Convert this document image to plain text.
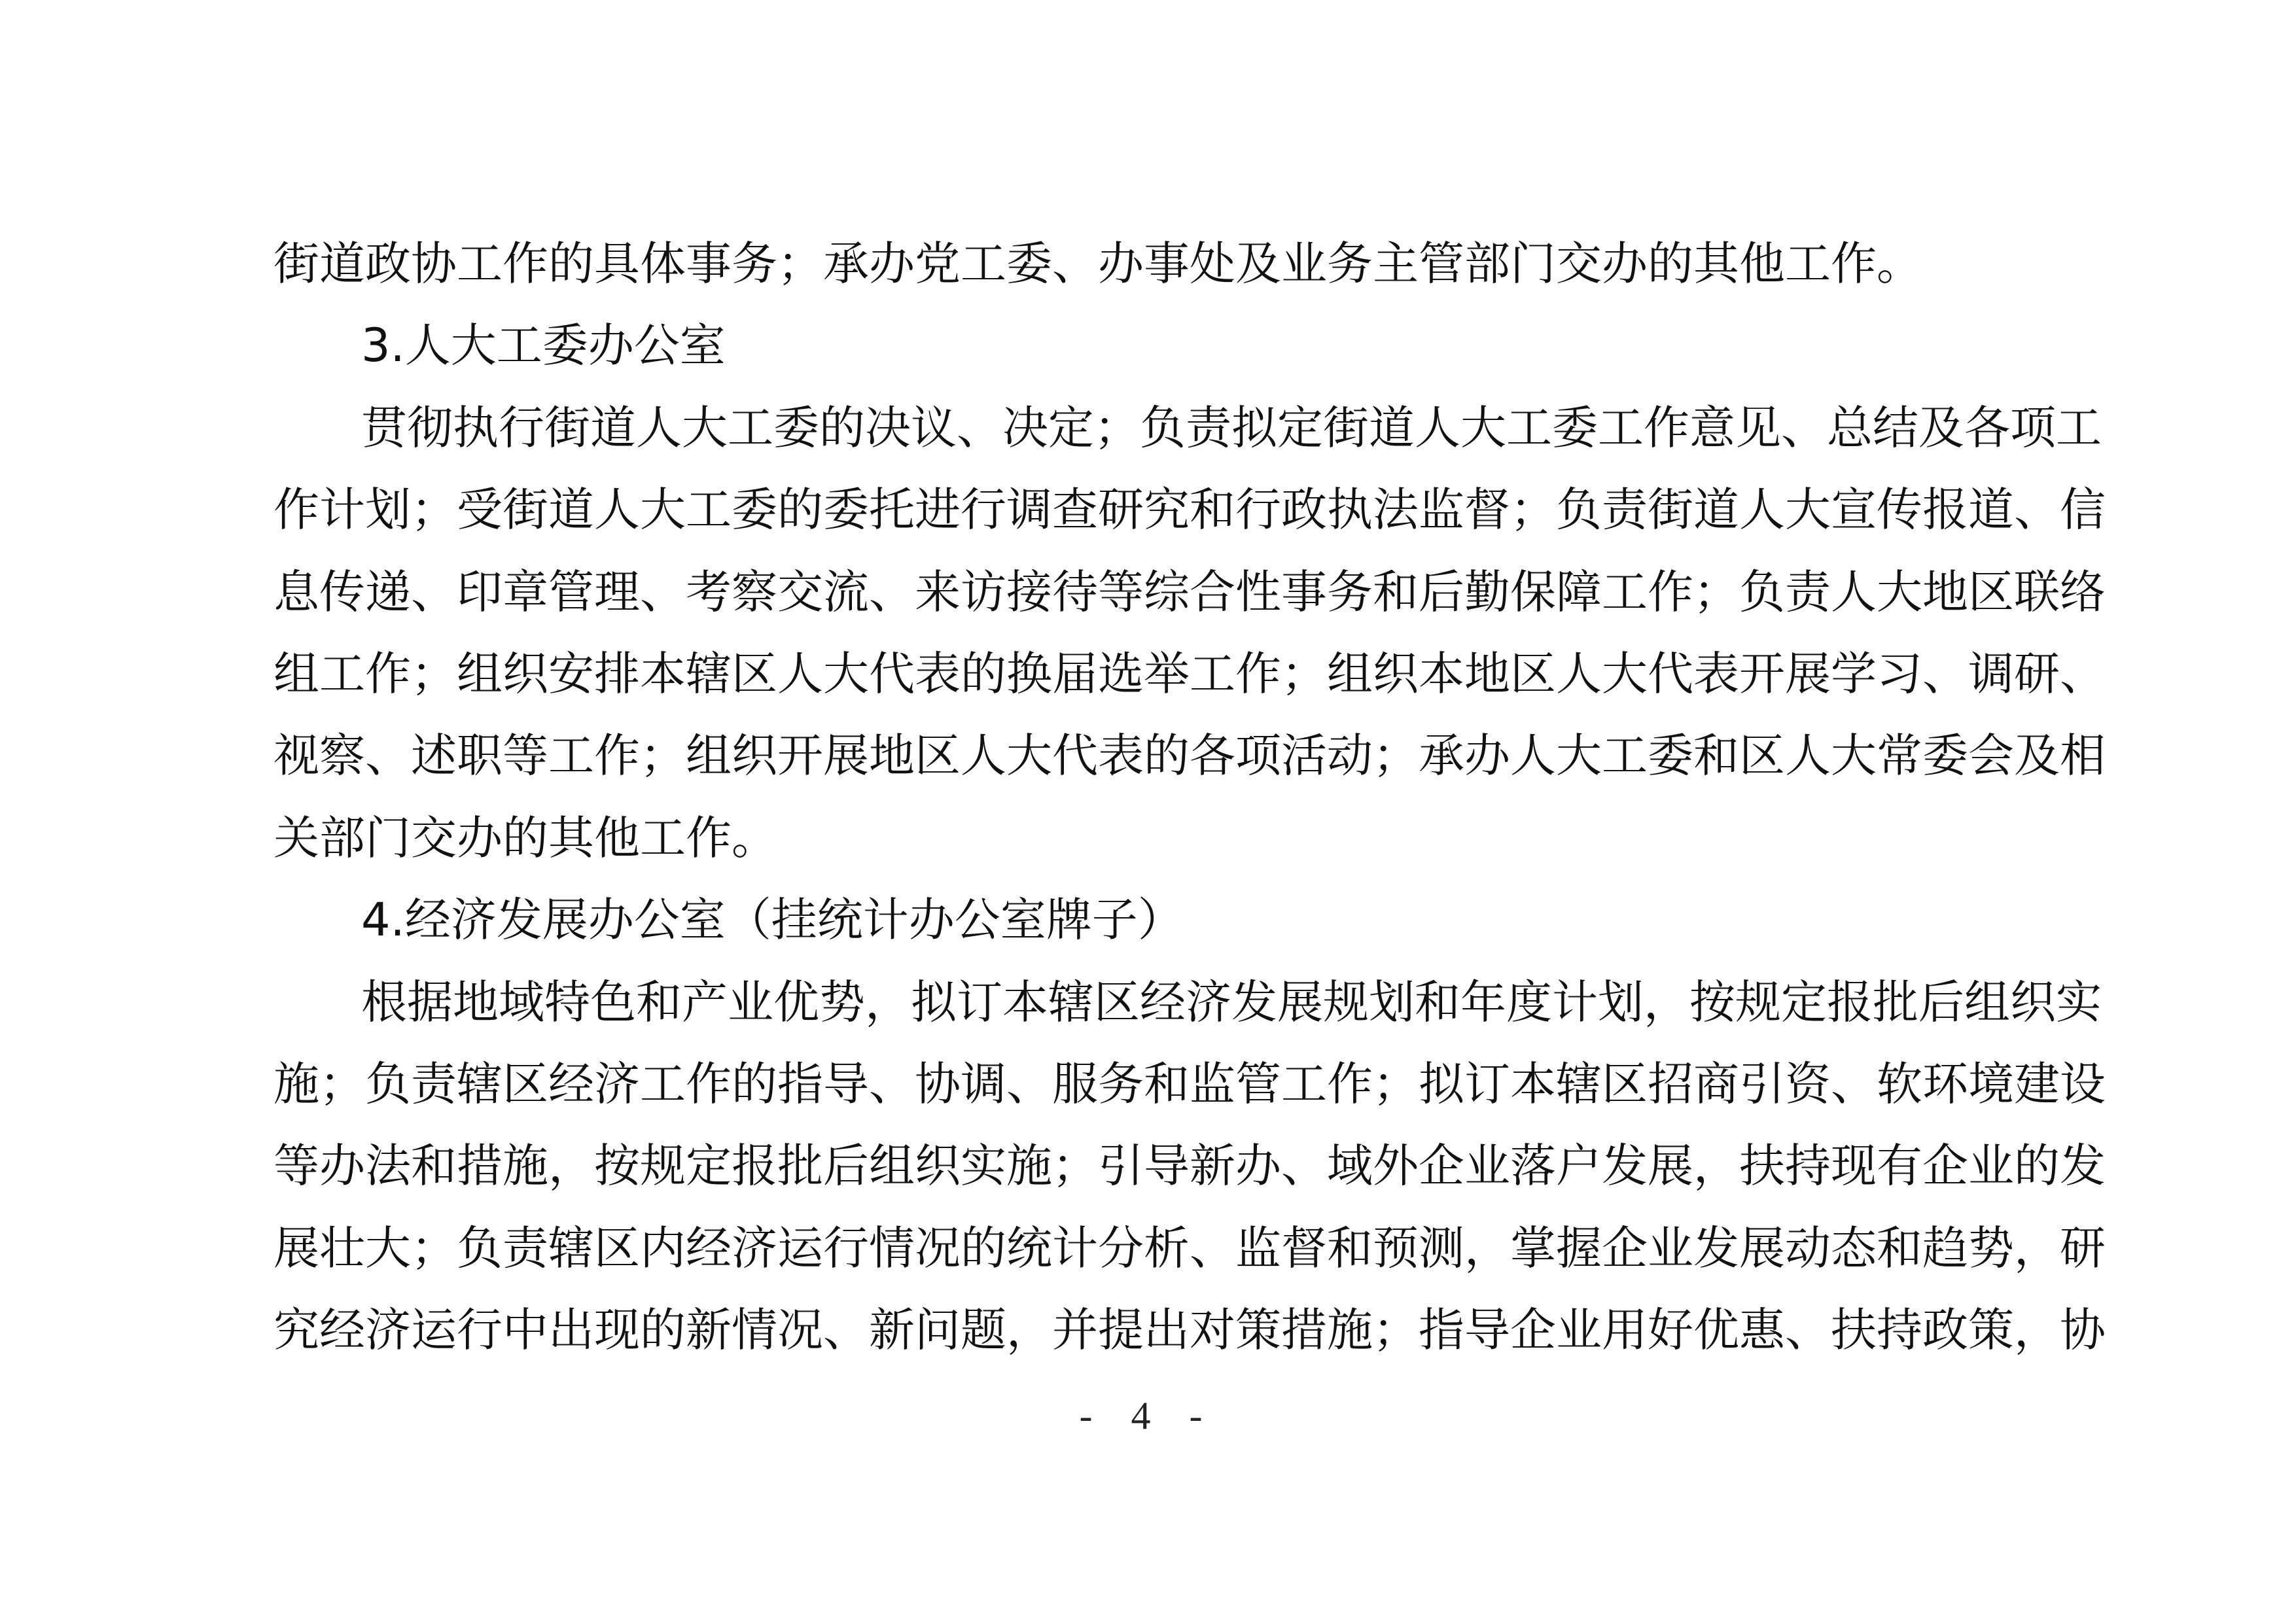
街道政协工作的具体事务；承办党工委、办事处及业务主管部门交办的其他工作。
3.人大工委办公室
贯彻执行街道人大工委的决议、决定；负责拟定街道人大工委工作意见、总结及各项工
作计划；受街道人大工委的委托进行调查研究和行政执法监督；负责街道人大宣传报道、信
息传递、印章管理、考察交流、来访接待等综合性事务和后勤保障工作；负责人大地区联络
组工作；组织安排本辖区人大代表的换届选举工作；组织本地区人大代表开展学习、调研、
视察、述职等工作；组织开展地区人大代表的各项活动；承办人大工委和区人大常委会及相
关部门交办的其他工作。
4.经济发展办公室（挂统计办公室牌子）
根据地域特色和产业优势，拟订本辖区经济发展规划和年度计划，按规定报批后组织实
施；负责辖区经济工作的指导、协调、服务和监管工作；拟订本辖区招商引资、软环境建设
等办法和措施，按规定报批后组织实施；引导新办、域外企业落户发展，扶持现有企业的发
展壮大；负责辖区内经济运行情况的统计分析、监督和预测，掌握企业发展动态和趋势，研
究经济运行中出现的新情况、新问题，并提出对策措施；指导企业用好优惠、扶持政策，协
- 4 -
